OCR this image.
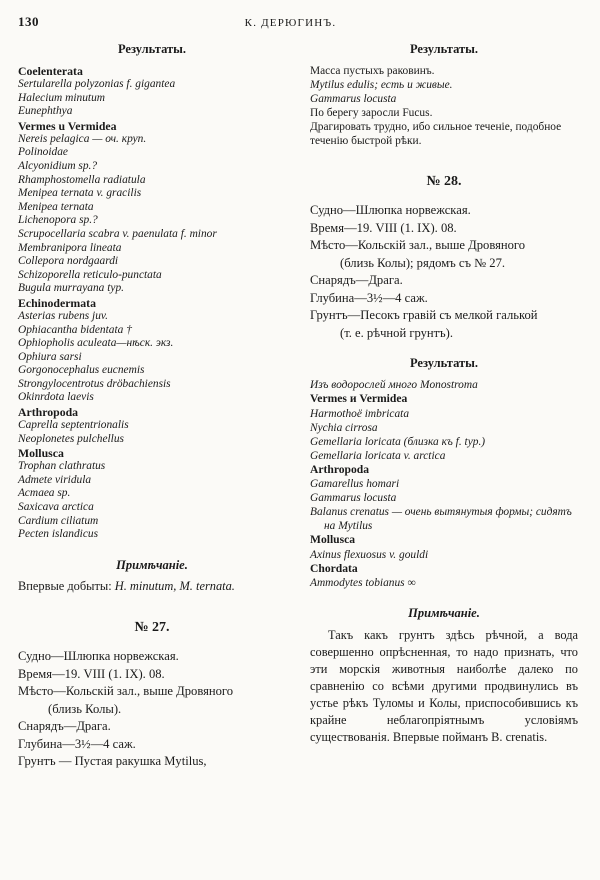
130	К. ДЕРЮГИНЪ.
Результаты.
Coelenterata
Sertularella polyzonias f. gigantea
Halecium minutum
Eunephthya
Vermes u Vermidea
Nereis pelagica — оч. круп.
Polinoidae
Alcyonidium sp.?
Rhamphostomella radiatula
Menipea ternata v. gracilis
Menipea ternata
Lichenopora sp.?
Scrupocellaria scabra v. paenulata f. minor
Membranipora lineata
Collepora nordgaardi
Schizoporella reticulo-punctata
Bugula murrayana typ.
Echinodermata
Asterias rubens juv.
Ophiacantha bidentata †
Ophiopholis aculeata—нѣск. экз.
Ophiura sarsi
Gorgonocephalus eucnemis
Strongylocentrotus dröbachiensis
Okinrdota laevis
Arthropoda
Caprella septentrionalis
Neoplonetes pulchellus
Mollusca
Trophan clathratus
Admete viridula
Астаеа sp.
Saxicava arctica
Cardium ciliatum
Pecten islandicus
Примѣчаніе.
Впервые добыты: H. minutum, M. ternata.
№ 27.
Судно—Шлюпка норвежская.
Время—19. VIII (1. IX). 08.
Мѣсто—Кольскій зал., выше Дровяного
(близь Колы).
Снарядъ—Драга.
Глубина—3½—4 саж.
Грунтъ — Пустая ракушка Mytilus,
Результаты.
Масса пустыхъ раковинъ.
Mytilus edulis; есть и живые.
Gammarus locusta
По берегу заросли Fucus.
Драгировать трудно, ибо сильное теченіе, подобное теченію быстрой рѣки.
№ 28.
Судно—Шлюпка норвежская.
Время—19. VIII (1. IX). 08.
Мѣсто—Кольскій зал., выше Дровяного
(близь Колы); рядомъ съ № 27.
Снарядъ—Драга.
Глубина—3½—4 саж.
Грунтъ—Песокъ гравій съ мелкой галькой
(т. е. рѣчной грунтъ).
Результаты.
Изъ водорослей много Monostroma
Vermes и Vermidea
Harmothoë imbricata
Nychia cirrosa
Gemellaria loricata (близка къ f. typ.)
Gemellaria loricata v. arctica
Arthropoda
Gamarellus homari
Gammarus locusta
Balanus crenatus — очень вытянутыя формы; сидятъ
на Mytilus
Mollusca
Axinus flexuosus v. gouldi
Chordata
Ammodytes tobianus ∞
Примѣчаніе.
Такъ какъ грунтъ здѣсь рѣчной, а вода совершенно опрѣсненная, то надо признать, что эти морскія животныя наиболѣе далеко по сравненію со всѣми другими продвинулись въ устье рѣкъ Туломы и Колы, приспособившись къ крайне неблагопріятнымъ условіямъ существованія. Впервые пойманъ B. crenatis.
